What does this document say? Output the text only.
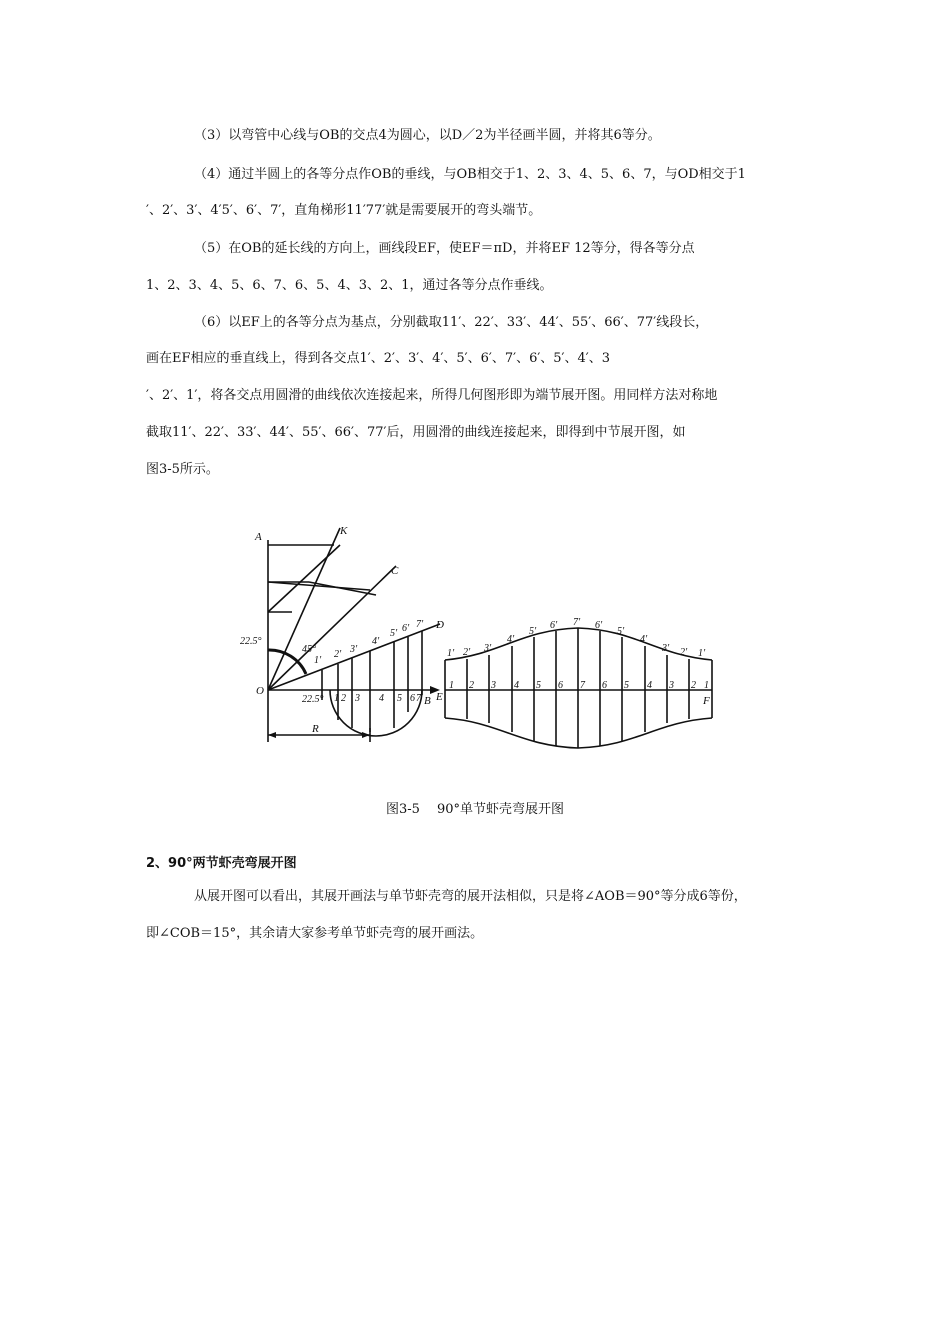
（3）以弯管中心线与OB的交点4为圆心，以D／2为半径画半圆，并将其6等分。
（4）通过半圆上的各等分点作OB的垂线，与OB相交于1、2、3、4、5、6、7，与OD相交于1
′、2′、3′、4′5′、6′、7′，直角梯形11′77′就是需要展开的弯头端节。
（5）在OB的延长线的方向上，画线段EF，使EF＝πD，并将EF 12等分，得各等分点
1、2、3、4、5、6、7、6、5、4、3、2、1，通过各等分点作垂线。
（6）以EF上的各等分点为基点，分别截取11′、22′、33′、44′、55′、66′、77′线段长，
画在EF相应的垂直线上，得到各交点1′、2′、3′、4′、5′、6′、7′、6′、5′、4′、3
′、2′、1′，将各交点用圆滑的曲线依次连接起来，所得几何图形即为端节展开图。用同样方法对称地
截取11′、22′、33′、44′、55′、66′、77′后，用圆滑的曲线连接起来，即得到中节展开图，如
图3-5所示。
A	K
C
D
O
B
R
22.5°
45°
22.5° 1 2 3 4 5 6 7
1′
2′ 3′
4′
5′ 6′ 7′
E	F
1 2 3 4 5 6 7 6 5 4 3 2 1
1′ 2′ 3′
4′
5′
6′ 7′ 6′
5′
4′
3′ 2′ 1′
图3-5　 90°单节虾壳弯展开图
2、90°两节虾壳弯展开图
从展开图可以看出，其展开画法与单节虾壳弯的展开法相似，只是将∠AOB＝90°等分成6等份，
即∠COB＝15°，其余请大家参考单节虾壳弯的展开画法。
